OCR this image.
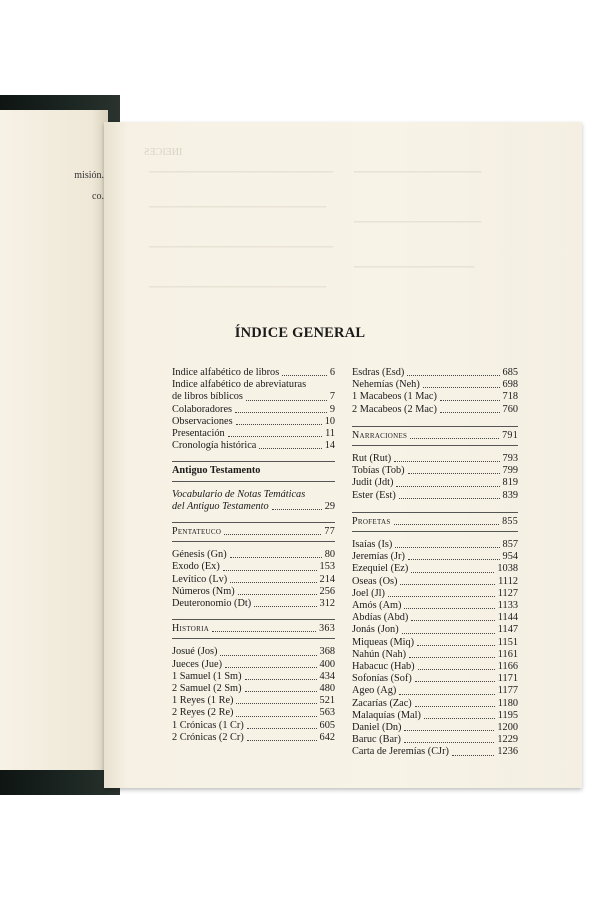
misión.
co.
ƧƎƆIƎИI
──────────────────────────
─────────────────────────
──────────────────────────
─────────────────────────
──────────────────
──────────────────
─────────────────
ÍNDICE GENERAL
Indice alfabético de libros	6
Indice alfabético de abreviaturas
de libros bíblicos	7
Colaboradores	9
Observaciones	10
Presentación	11
Cronología histórica	14
Antiguo Testamento
Vocabulario de Notas Temáticas
del Antiguo Testamento	29
Pentateuco	77
Génesis (Gn)	80
Exodo (Ex)	153
Levítico (Lv)	214
Números (Nm)	256
Deuteronomio (Dt)	312
Historia	363
Josué (Jos)	368
Jueces (Jue)	400
1 Samuel (1 Sm)	434
2 Samuel (2 Sm)	480
1 Reyes (1 Re)	521
2 Reyes (2 Re)	563
1 Crónicas (1 Cr)	605
2 Crónicas (2 Cr)	642
Esdras (Esd)	685
Nehemías (Neh)	698
1 Macabeos (1 Mac)	718
2 Macabeos (2 Mac)	760
Narraciones	791
Rut (Rut)	793
Tobías (Tob)	799
Judit (Jdt)	819
Ester (Est)	839
Profetas	855
Isaías (Is)	857
Jeremías (Jr)	954
Ezequiel (Ez)	1038
Oseas (Os)	1112
Joel (Jl)	1127
Amós (Am)	1133
Abdías (Abd)	1144
Jonás (Jon)	1147
Miqueas (Miq)	1151
Nahún (Nah)	1161
Habacuc (Hab)	1166
Sofonías (Sof)	1171
Ageo (Ag)	1177
Zacarías (Zac)	1180
Malaquías (Mal)	1195
Daniel (Dn)	1200
Baruc (Bar)	1229
Carta de Jeremías (CJr)	1236
